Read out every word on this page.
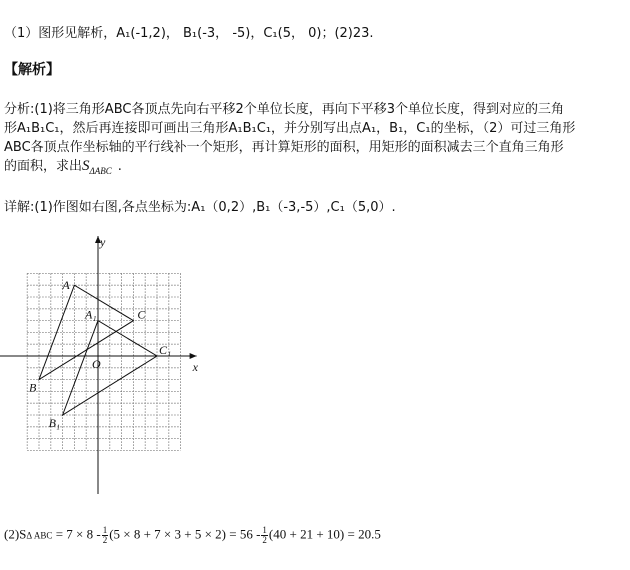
（1）图形见解析，A₁(-1,2)， B₁(-3， -5)，C₁(5， 0)；(2)23.
【解析】
分析:(1)将三角形ABC各顶点先向右平移2个单位长度，再向下平移3个单位长度，得到对应的三角
形A₁B₁C₁，然后再连接即可画出三角形A₁B₁C₁，并分别写出点A₁，B₁，C₁的坐标，（2）可过三角形
ABC各顶点作坐标轴的平行线补一个矩形，再计算矩形的面积，用矩形的面积减去三个直角三角形
的面积，求出$S_{\Delta ABC}$ .
详解:(1)作图如右图,各点坐标为:A₁（0,2）,B₁（-3,-5）,C₁（5,0）.
y
x
O
A
C
A₁
B
B₁
C₁
(2)SΔ ABC = $7 \times 8 - \frac{1}{2} (5 \times 8 + 7 \times 3 + 5 \times 2) = 56 - \frac{1}{2} (40 + 21 + 10) = 20.5$
